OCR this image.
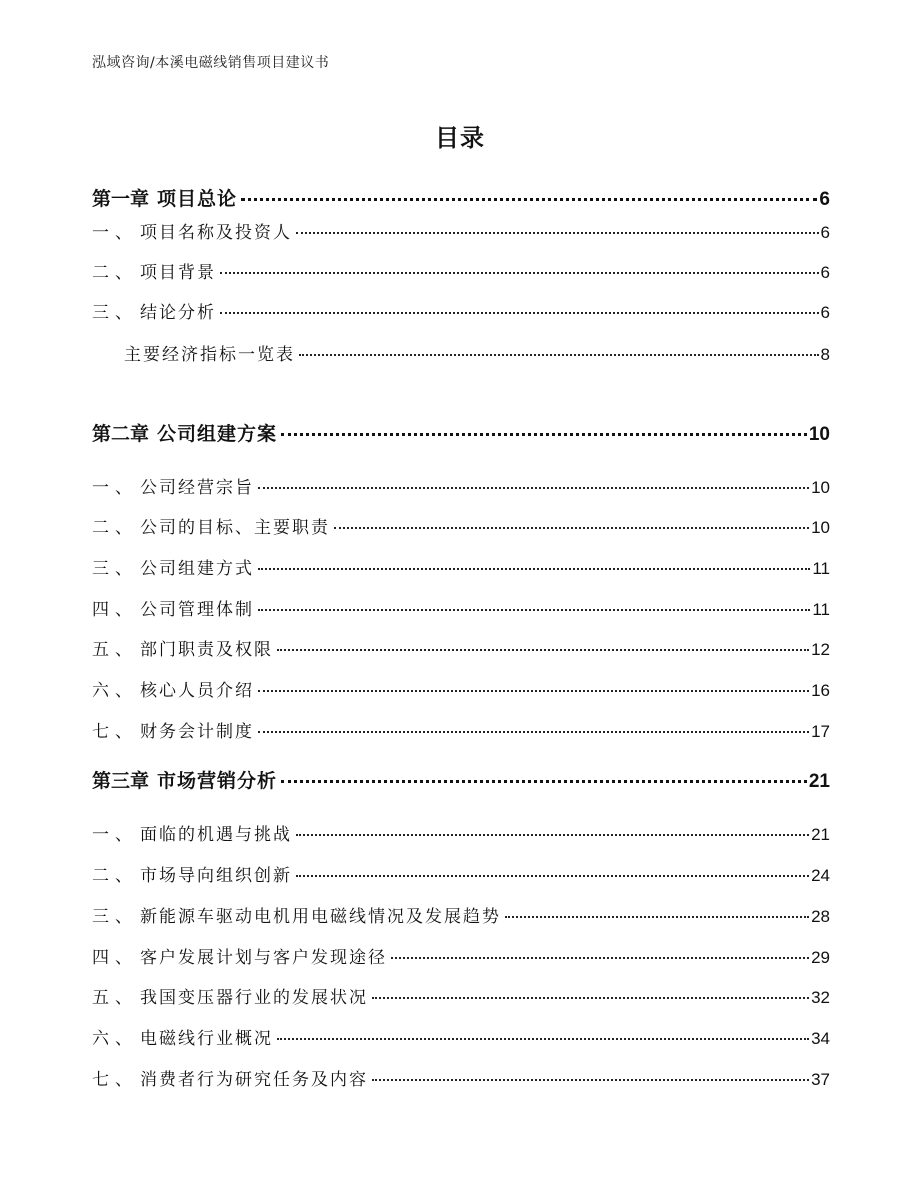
泓域咨询/本溪电磁线销售项目建议书
目录
第一章 项目总论	6
一、 项目名称及投资人	6
二、 项目背景	6
三、 结论分析	6
主要经济指标一览表	8
第二章 公司组建方案	10
一、 公司经营宗旨	10
二、 公司的目标、主要职责	10
三、 公司组建方式	11
四、 公司管理体制	11
五、 部门职责及权限	12
六、 核心人员介绍	16
七、 财务会计制度	17
第三章 市场营销分析	21
一、 面临的机遇与挑战	21
二、 市场导向组织创新	24
三、 新能源车驱动电机用电磁线情况及发展趋势	28
四、 客户发展计划与客户发现途径	29
五、 我国变压器行业的发展状况	32
六、 电磁线行业概况	34
七、 消费者行为研究任务及内容	37
